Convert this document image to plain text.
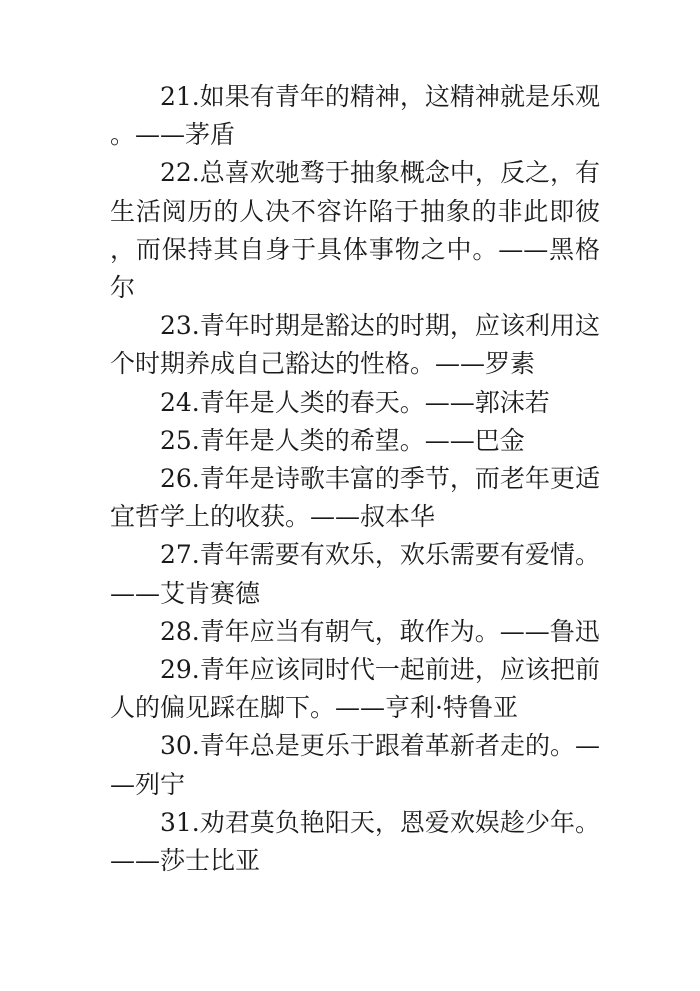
21.如果有青年的精神，这精神就是乐观。——茅盾

22.总喜欢驰骛于抽象概念中，反之，有生活阅历的人决不容许陷于抽象的非此即彼，而保持其自身于具体事物之中。——黑格尔

23.青年时期是豁达的时期，应该利用这个时期养成自己豁达的性格。——罗素

24.青年是人类的春天。——郭沫若

25.青年是人类的希望。——巴金

26.青年是诗歌丰富的季节，而老年更适宜哲学上的收获。——叔本华

27.青年需要有欢乐，欢乐需要有爱情。——艾肯赛德

28.青年应当有朝气，敢作为。——鲁迅

29.青年应该同时代一起前进，应该把前人的偏见踩在脚下。——亨利·特鲁亚

30.青年总是更乐于跟着革新者走的。——列宁

31.劝君莫负艳阳天，恩爱欢娱趁少年。——莎士比亚
